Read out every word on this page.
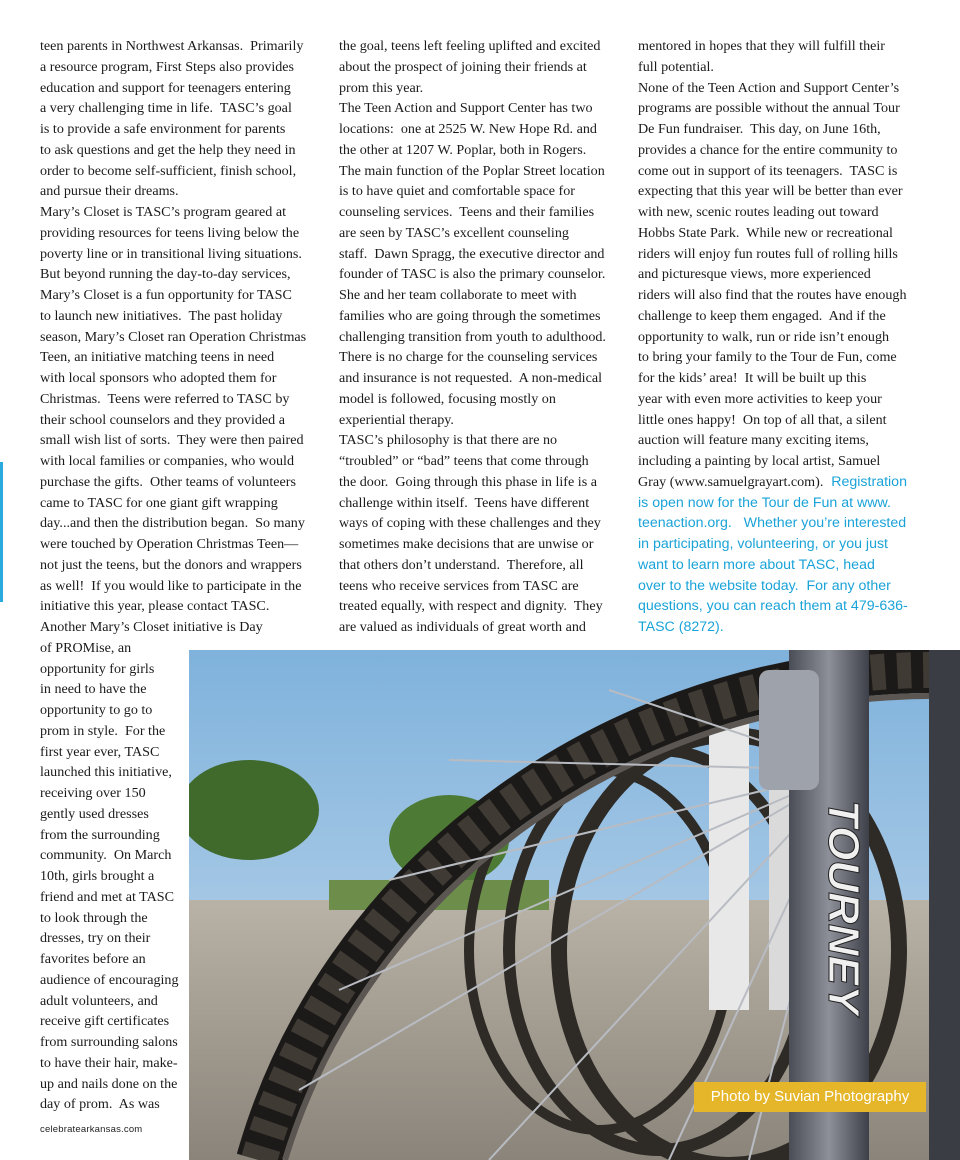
teen parents in Northwest Arkansas.  Primarily

a resource program, First Steps also provides

education and support for teenagers entering

a very challenging time in life.  TASC’s goal

is to provide a safe environment for parents

to ask questions and get the help they need in

order to become self-sufficient, finish school,

and pursue their dreams.

Mary’s Closet is TASC’s program geared at

providing resources for teens living below the

poverty line or in transitional living situations.

But beyond running the day-to-day services,

Mary’s Closet is a fun opportunity for TASC

to launch new initiatives.  The past holiday

season, Mary’s Closet ran Operation Christmas

Teen, an initiative matching teens in need

with local sponsors who adopted them for

Christmas.  Teens were referred to TASC by

their school counselors and they provided a

small wish list of sorts.  They were then paired

with local families or companies, who would

purchase the gifts.  Other teams of volunteers

came to TASC for one giant gift wrapping

day...and then the distribution began.  So many

were touched by Operation Christmas Teen—

not just the teens, but the donors and wrappers

as well!  If you would like to participate in the

initiative this year, please contact TASC.

Another Mary’s Closet initiative is Day

of PROMise, an

opportunity for girls

in need to have the

opportunity to go to

prom in style.  For the

first year ever, TASC

launched this initiative,

receiving over 150

gently used dresses

from the surrounding

community.  On March

10th, girls brought a

friend and met at TASC

to look through the

dresses, try on their

favorites before an

audience of encouraging

adult volunteers, and

receive gift certificates

from surrounding salons

to have their hair, make-

up and nails done on the

day of prom.  As was

the goal, teens left feeling uplifted and excited

about the prospect of joining their friends at

prom this year.

The Teen Action and Support Center has two

locations:  one at 2525 W. New Hope Rd. and

the other at 1207 W. Poplar, both in Rogers.

The main function of the Poplar Street location

is to have quiet and comfortable space for

counseling services.  Teens and their families

are seen by TASC’s excellent counseling

staff.  Dawn Spragg, the executive director and

founder of TASC is also the primary counselor.

She and her team collaborate to meet with

families who are going through the sometimes

challenging transition from youth to adulthood.

There is no charge for the counseling services

and insurance is not requested.  A non-medical

model is followed, focusing mostly on

experiential therapy.

TASC’s philosophy is that there are no

“troubled” or “bad” teens that come through

the door.  Going through this phase in life is a

challenge within itself.  Teens have different

ways of coping with these challenges and they

sometimes make decisions that are unwise or

that others don’t understand.  Therefore, all

teens who receive services from TASC are

treated equally, with respect and dignity.  They

are valued as individuals of great worth and

mentored in hopes that they will fulfill their

full potential.

None of the Teen Action and Support Center’s

programs are possible without the annual Tour

De Fun fundraiser.  This day, on June 16th,

provides a chance for the entire community to

come out in support of its teenagers.  TASC is

expecting that this year will be better than ever

with new, scenic routes leading out toward

Hobbs State Park.  While new or recreational

riders will enjoy fun routes full of rolling hills

and picturesque views, more experienced

riders will also find that the routes have enough

challenge to keep them engaged.  And if the

opportunity to walk, run or ride isn’t enough

to bring your family to the Tour de Fun, come

for the kids’ area!  It will be built up this

year with even more activities to keep your

little ones happy!  On top of all that, a silent

auction will feature many exciting items,

including a painting by local artist, Samuel

Gray (www.samuelgrayart.com).  Registration

is open now for the Tour de Fun at www.

teenaction.org.   Whether you’re interested

in participating, volunteering, or you just

want to learn more about TASC, head

over to the website today.  For any other

questions, you can reach them at 479-636-

TASC (8272).

TOURNEY
Photo by Suvian Photography
celebratearkansas.com
